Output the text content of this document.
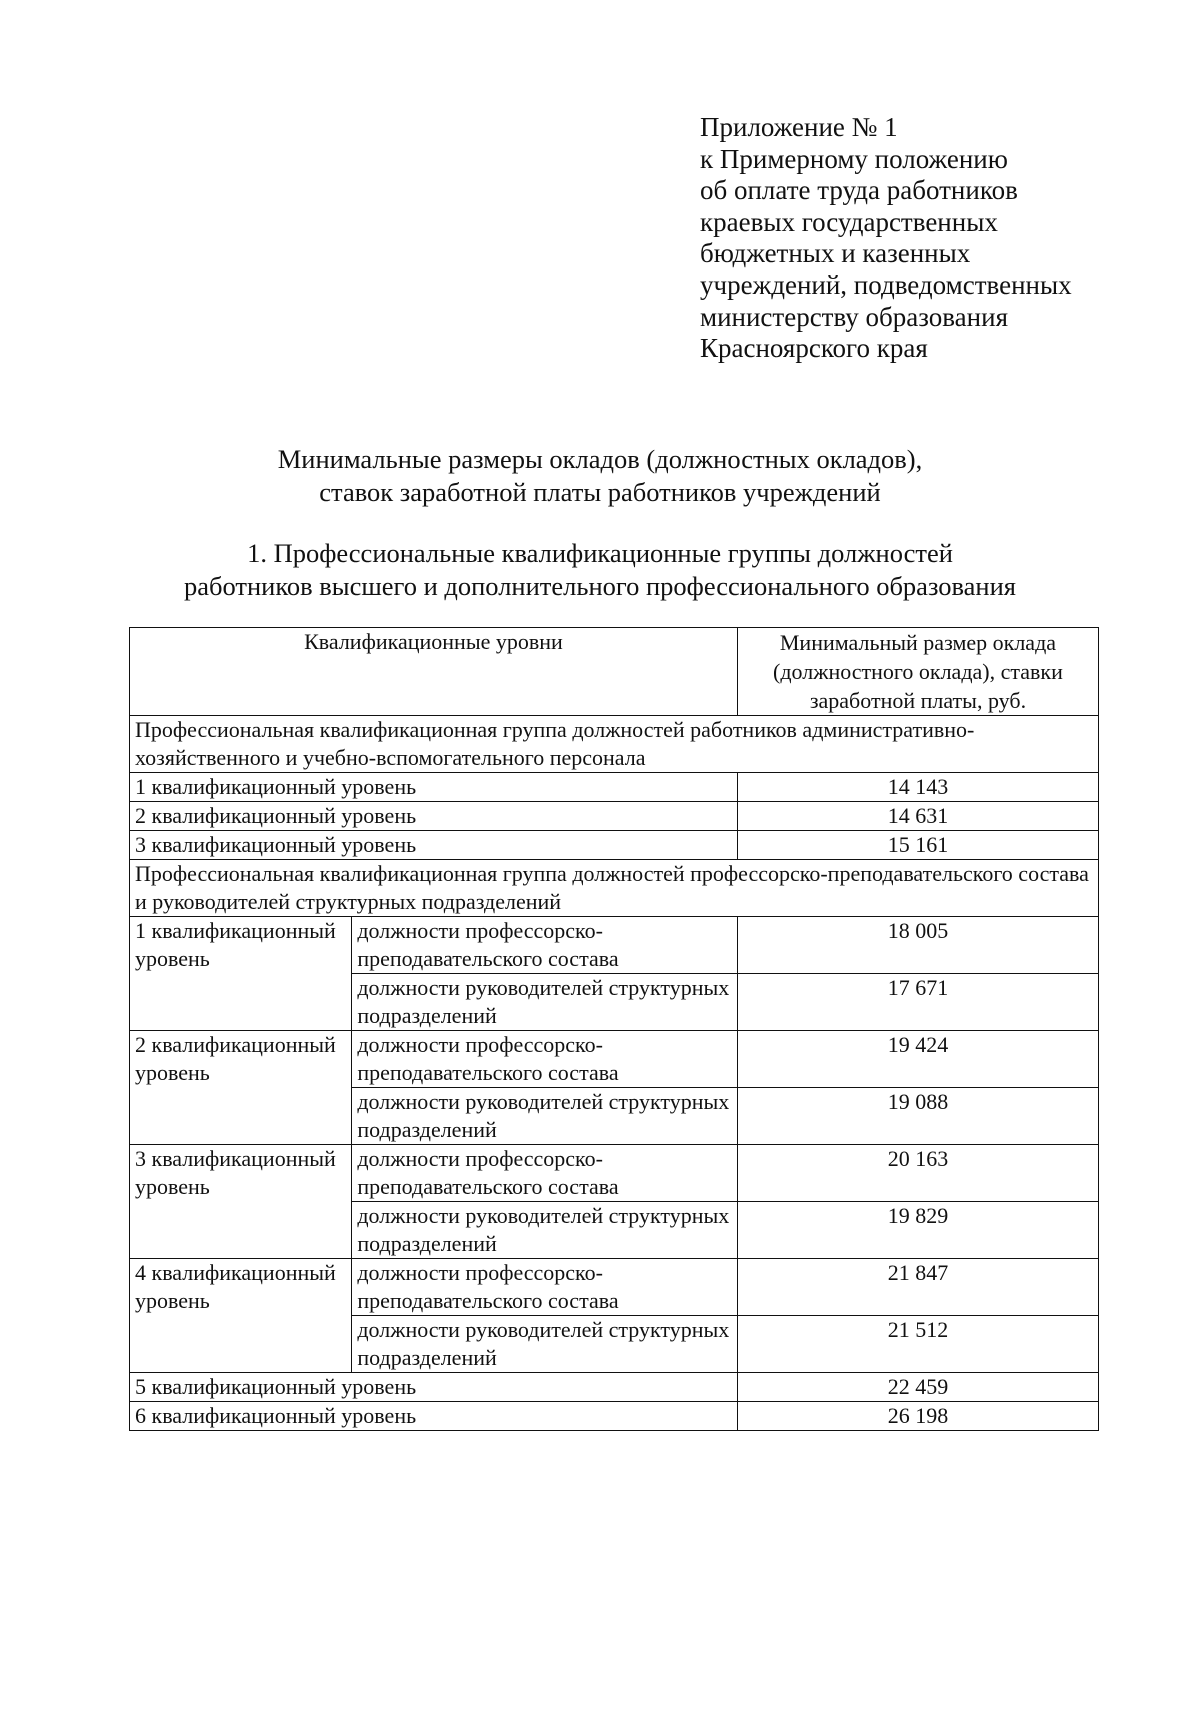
Приложение № 1
к Примерному положению
об оплате труда работников
краевых государственных
бюджетных и казенных
учреждений, подведомственных
министерству образования
Красноярского края
Минимальные размеры окладов (должностных окладов),
ставок заработной платы работников учреждений
1. Профессиональные квалификационные группы должностей
работников высшего и дополнительного профессионального образования
Квалификационные уровни		Минимальный размер оклада (должностного оклада), ставки заработной платы, руб.
Профессиональная квалификационная группа должностей работников административно-хозяйственного и учебно-вспомогательного персонала		
1 квалификационный уровень		14 143
2 квалификационный уровень		14 631
3 квалификационный уровень		15 161
Профессиональная квалификационная группа должностей профессорско-преподавательского состава и руководителей структурных подразделений		
1 квалификационный уровень	должности профессорско-преподавательского состава	18 005
	должности руководителей структурных подразделений	17 671
2 квалификационный уровень	должности профессорско-преподавательского состава	19 424
	должности руководителей структурных подразделений	19 088
3 квалификационный уровень	должности профессорско-преподавательского состава	20 163
	должности руководителей структурных подразделений	19 829
4 квалификационный уровень	должности профессорско-преподавательского состава	21 847
	должности руководителей структурных подразделений	21 512
5 квалификационный уровень		22 459
6 квалификационный уровень		26 198
